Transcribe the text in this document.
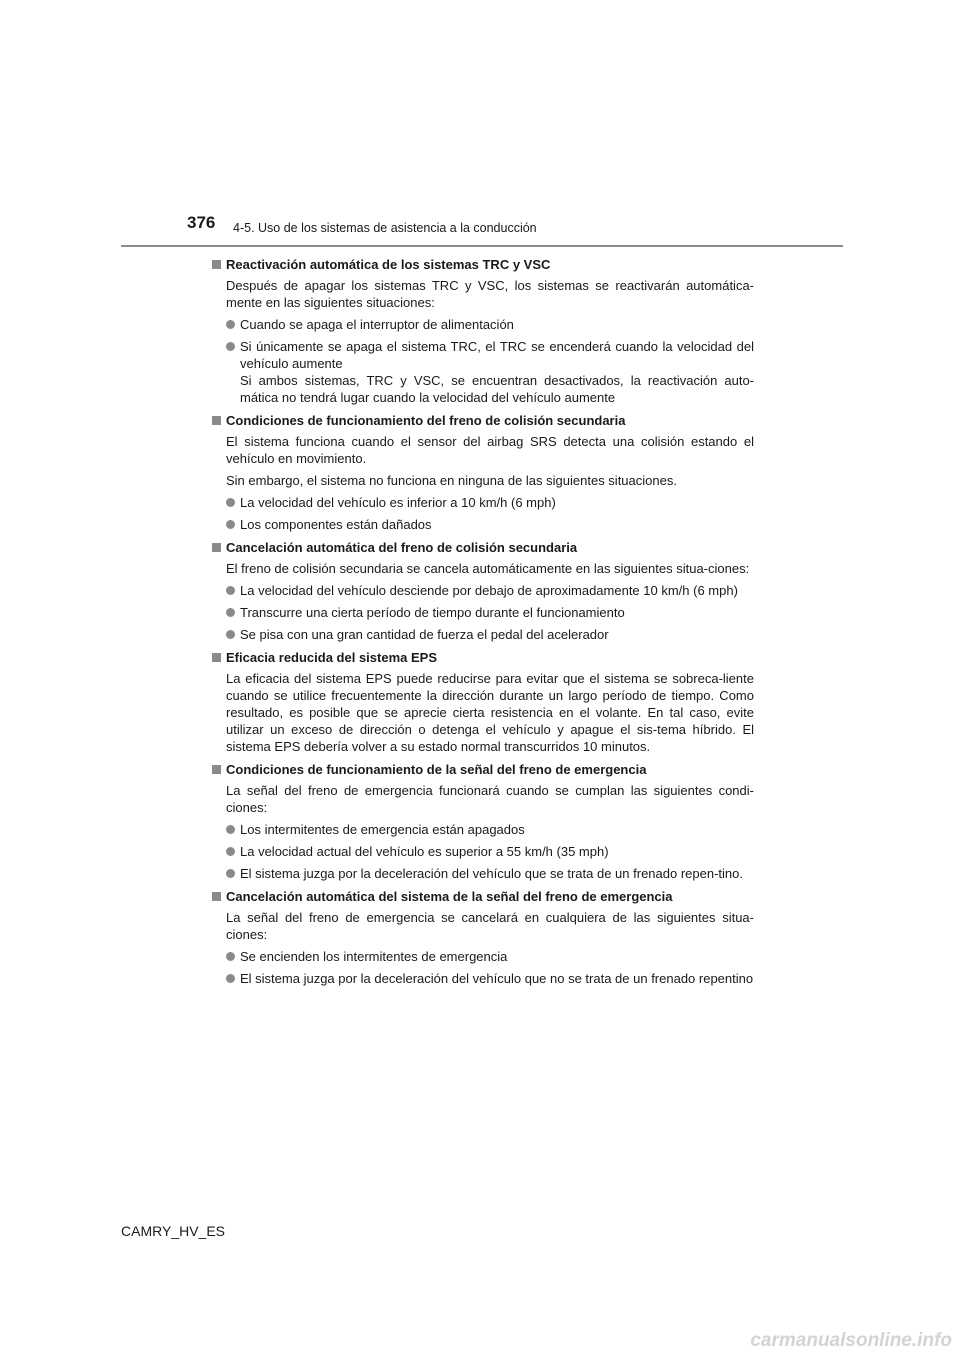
376 4-5. Uso de los sistemas de asistencia a la conducción
Reactivación automática de los sistemas TRC y VSC
Después de apagar los sistemas TRC y VSC, los sistemas se reactivarán automática-mente en las siguientes situaciones:
Cuando se apaga el interruptor de alimentación
Si únicamente se apaga el sistema TRC, el TRC se encenderá cuando la velocidad del vehículo aumente
Si ambos sistemas, TRC y VSC, se encuentran desactivados, la reactivación auto-mática no tendrá lugar cuando la velocidad del vehículo aumente
Condiciones de funcionamiento del freno de colisión secundaria
El sistema funciona cuando el sensor del airbag SRS detecta una colisión estando el vehículo en movimiento.
Sin embargo, el sistema no funciona en ninguna de las siguientes situaciones.
La velocidad del vehículo es inferior a 10 km/h (6 mph)
Los componentes están dañados
Cancelación automática del freno de colisión secundaria
El freno de colisión secundaria se cancela automáticamente en las siguientes situa-ciones:
La velocidad del vehículo desciende por debajo de aproximadamente 10 km/h (6 mph)
Transcurre una cierta período de tiempo durante el funcionamiento
Se pisa con una gran cantidad de fuerza el pedal del acelerador
Eficacia reducida del sistema EPS
La eficacia del sistema EPS puede reducirse para evitar que el sistema se sobreca-liente cuando se utilice frecuentemente la dirección durante un largo período de tiempo. Como resultado, es posible que se aprecie cierta resistencia en el volante. En tal caso, evite utilizar un exceso de dirección o detenga el vehículo y apague el sis-tema híbrido. El sistema EPS debería volver a su estado normal transcurridos 10 minutos.
Condiciones de funcionamiento de la señal del freno de emergencia
La señal del freno de emergencia funcionará cuando se cumplan las siguientes condi-ciones:
Los intermitentes de emergencia están apagados
La velocidad actual del vehículo es superior a 55 km/h (35 mph)
El sistema juzga por la deceleración del vehículo que se trata de un frenado repen-tino.
Cancelación automática del sistema de la señal del freno de emergencia
La señal del freno de emergencia se cancelará en cualquiera de las siguientes situa-ciones:
Se encienden los intermitentes de emergencia
El sistema juzga por la deceleración del vehículo que no se trata de un frenado repentino
CAMRY_HV_ES
carmanualsonline.info
